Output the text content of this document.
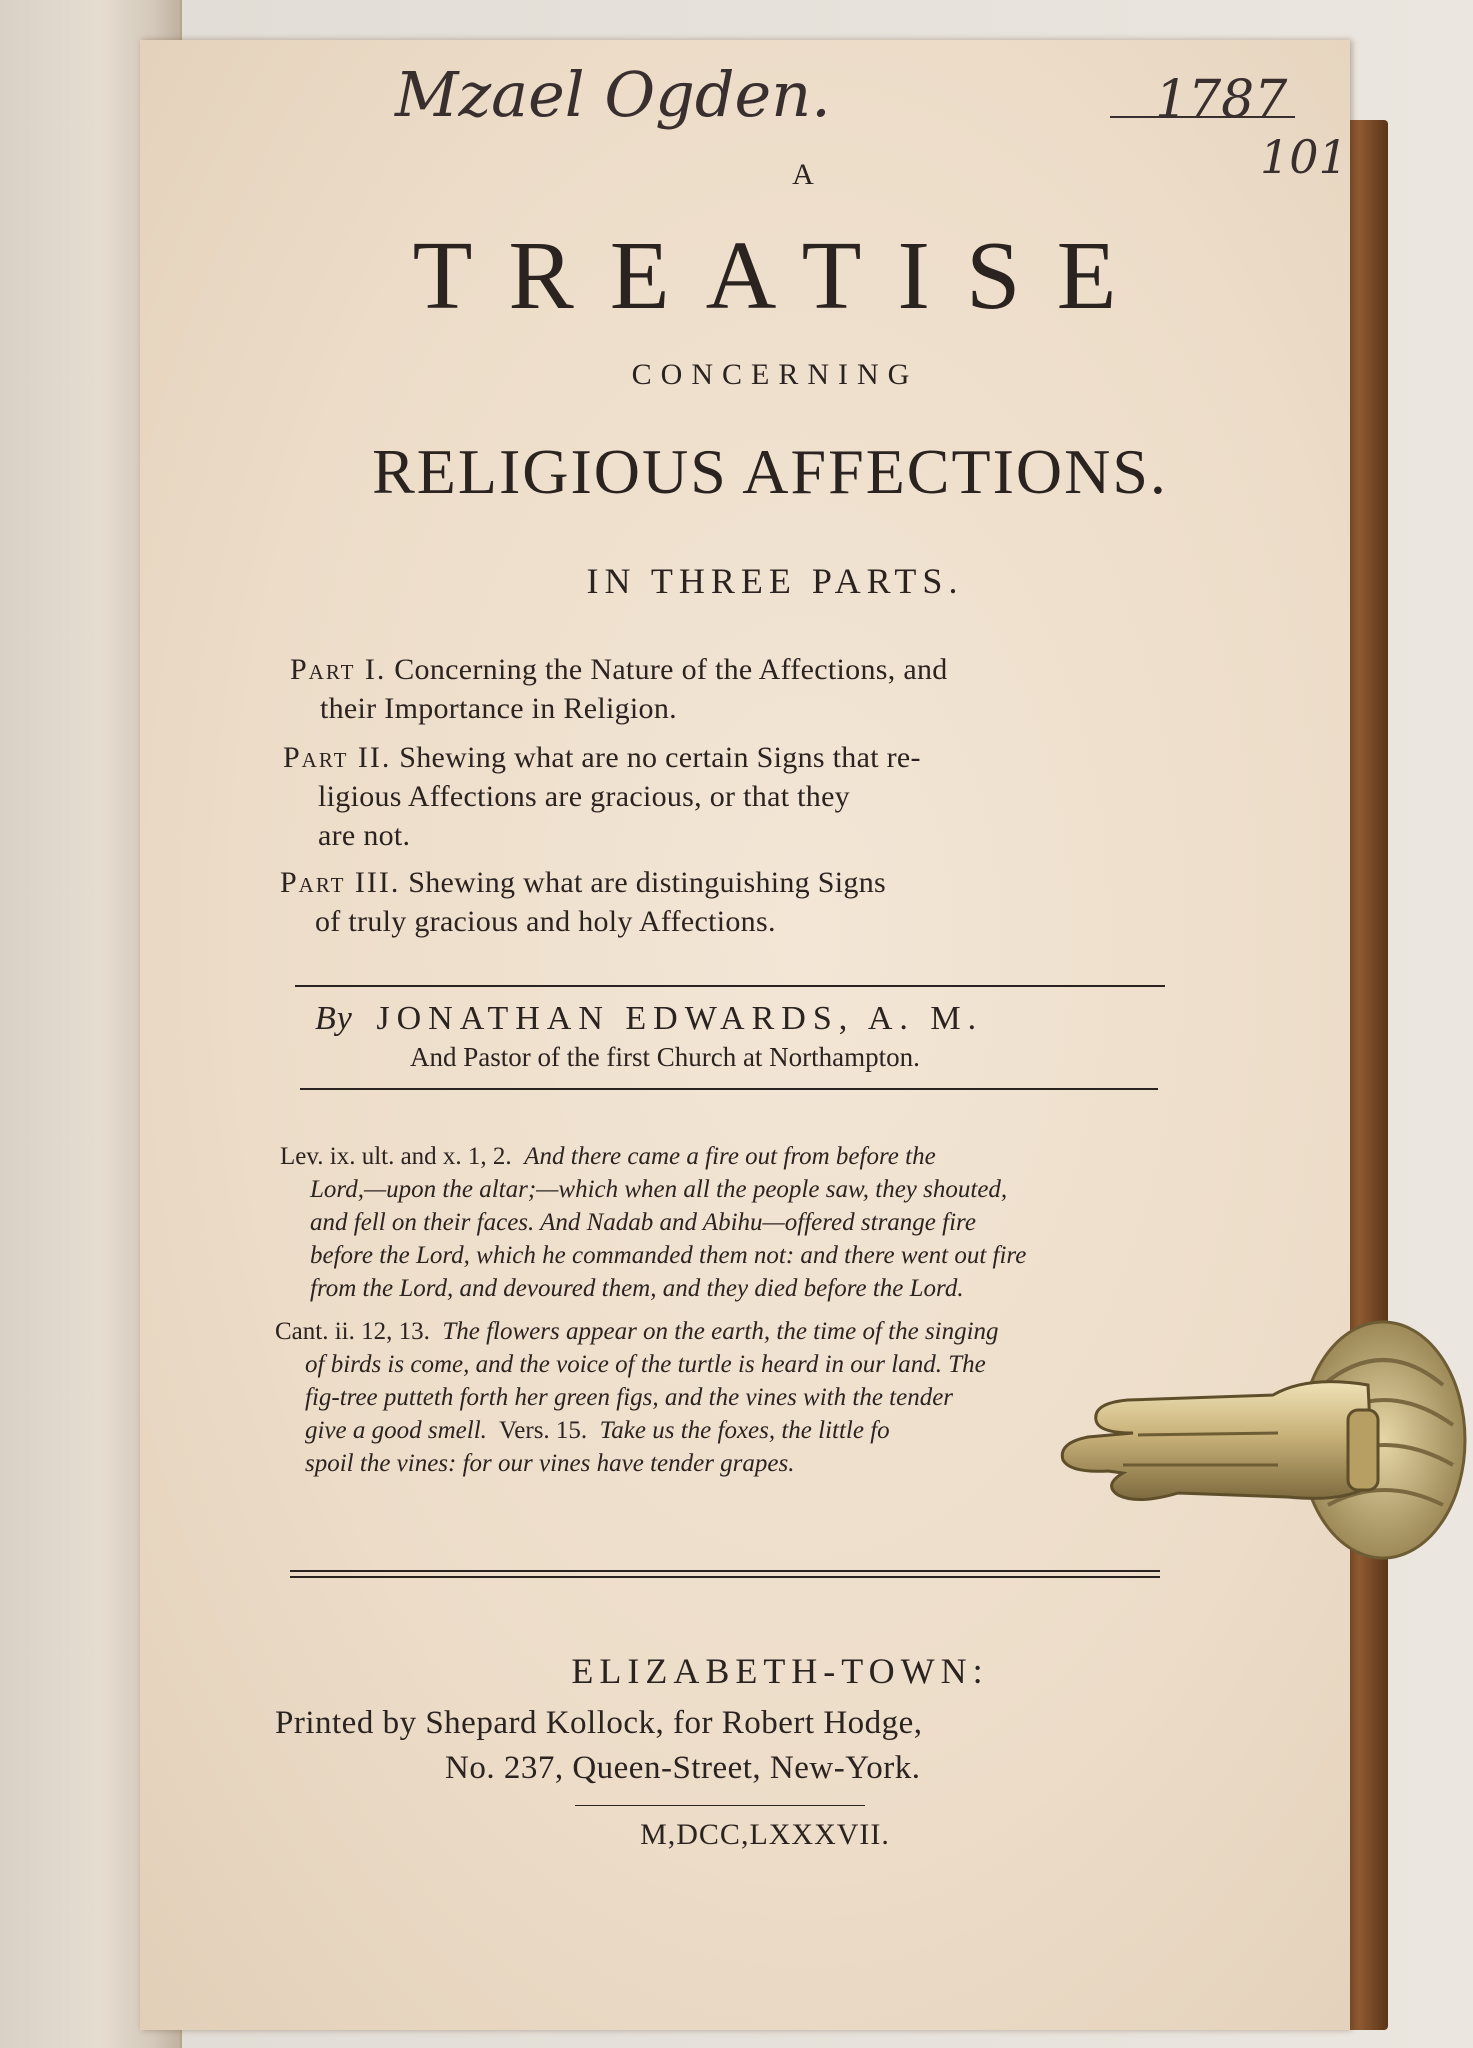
Mzael Ogden.	1787
101
A
TREATISE
CONCERNING
RELIGIOUS AFFECTIONS.
IN THREE PARTS.
Part I. Concerning the Nature of the Affections, and
their Importance in Religion.
Part II. Shewing what are no certain Signs that re-
ligious Affections are gracious, or that they
are not.
Part III. Shewing what are distinguishing Signs
of truly gracious and holy Affections.
By JONATHAN EDWARDS, A. M.
And Pastor of the first Church at Northampton.
Lev. ix. ult. and x. 1, 2. And there came a fire out from before the
Lord,—upon the altar;—which when all the people saw, they shouted,
and fell on their faces. And Nadab and Abihu—offered strange fire
before the Lord, which he commanded them not: and there went out fire
from the Lord, and devoured them, and they died before the Lord.
Cant. ii. 12, 13. The flowers appear on the earth, the time of the singing
of birds is come, and the voice of the turtle is heard in our land. The
fig-tree putteth forth her green figs, and the vines with the tender
give a good smell. Vers. 15. Take us the foxes, the little fo
spoil the vines: for our vines have tender grapes.
ELIZABETH-TOWN:
Printed by Shepard Kollock, for Robert Hodge,
No. 237, Queen-Street, New-York.
M,DCC,LXXXVII.
